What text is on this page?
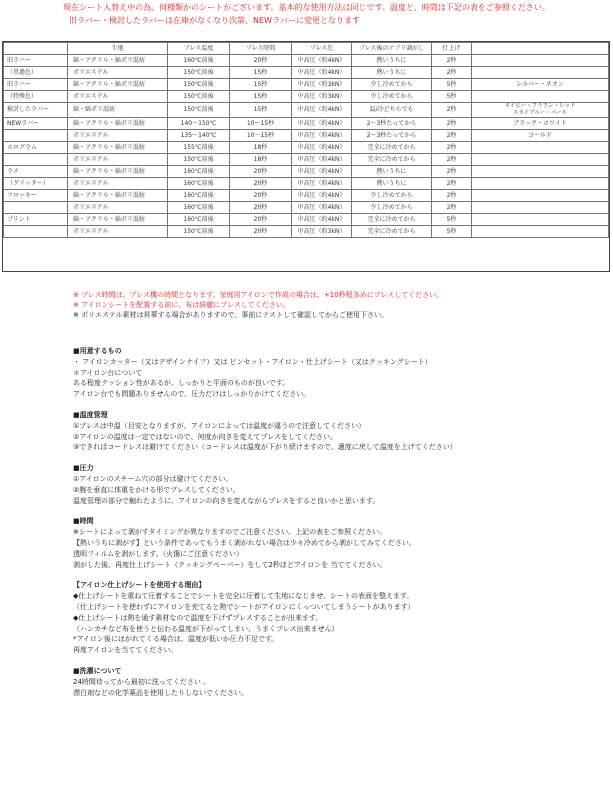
現在シート入替え中の為、何種類かのシートがございます。基本的な使用方法は同じです。温度と、時間は下記の表をご参照ください。
旧ラバー・検討したラバーは在庫がなくなり次第、NEWラバーに変更となります
	生地	プレス温度	プレス時間	プレス圧	プレス後のアプリ剥がし	仕上げ	
旧ラバー	綿・アクリル・綿ポリ混紡	160℃前後	20秒	中高圧（約4kN）	熱いうちに	2秒	
（黒過色）	ポリエステル	150℃前後	15秒	中高圧（約4kN）	熱いうちに	2秒	
旧ラバー	綿・アクリル・綿ポリ混紡	150℃前後	15秒	中高圧（約3kN）	少し冷めてから	5秒	シルバー・ネオン
（特殊色）	ポリエステル	150℃前後	15秒	中高圧（約3kN）	少し冷めてから	5秒	
検討したラバー	綿・綿ポリ混紡	150℃前後	15秒	中高圧（約4kN）	温/冷どちらでも	2秒	ネイビー・ブラウン・レッド
スカイブルー・パール
NEWラバー	綿・アクリル・綿ポリ混紡	140〜150℃	10〜15秒	中高圧（約4kN）	2〜3秒たってから	2秒	ブラック・ホワイト
	ポリエステル	135〜140℃	10〜15秒	中高圧（約4kN）	2〜3秒たってから	2秒	ゴールド
ホログラム	綿・アクリル・綿ポリ混紡	155℃前後	18秒	中高圧（約4kN）	完全に冷めてから	2秒	
	ポリエステル	150℃前後	18秒	中高圧（約4kN）	完全に冷めてから	2秒	
ラメ	綿・アクリル・綿ポリ混紡	160℃前後	20秒	中高圧（約4kN）	熱いうちに	2秒	
（グリッター）	ポリエステル	160℃前後	20秒	中高圧（約4kN）	熱いうちに	2秒	
フロッキー	綿・アクリル・綿ポリ混紡	160℃前後	20秒	中高圧（約4kN）	少し冷めてから	2秒	
	ポリエステル	160℃前後	20秒	中高圧（約4kN）	少し冷めてから	2秒	
プリント	綿・アクリル・綿ポリ混紡	160℃前後	20秒	中高圧（約4kN）	完全に冷めてから	5秒	
	ポリエステル	150℃前後	20秒	中高圧（約3kN）	完全に冷めてから	5秒	
※ プレス時間は、プレス機の時間となります。家庭用アイロンで作成の場合は、+10秒程多めにプレスしてください。
※ アイロンシートを配置する前に、布は綺麗にプレスしてください。
※ ポリエステル素材は昇華する場合がありますので、事前にテストして確認してからご使用下さい。
■用意するもの
・ アイロンカッター（又はデザインナイフ）又は ピンセット・アイロン・仕上げシート（又はクッキングシート）
＊アイロン台について
ある程度クッション性があるが、しっかりと平面のものが良いです。
アイロン台でも問題ありませんので、圧力だけはしっかりかけてください。
■温度管理
①プレスは中温（目安となりますが、アイロンによっては温度が違うので注意してください）
②アイロンの温度は一定ではないので、何度か向きを変えてプレスをしてください。
③できればコードレスは避けてください（コードレスは温度が下がり続けますので、適度に戻して温度を上げてください）
■圧力
①アイロンのスチーム穴の部分は避けてください。
②腕を垂直に体重をかける形でプレスしてください。
温度管理の部分で触れたように、アイロンの向きを変えながらプレスをすると良いかと思います。
■時間
※シートによって剥がすタイミングが異なりますのでご注意ください。上記の表をご参照ください。
【熱いうちに剥がす】という条件であってもうまく剥がれない場合は少々冷めてから剥がしてみてください。
透明フィルムを剥がします。（火傷にご注意ください）
剥がした後、再度仕上げシート（クッキングペーパー）をして2秒ほどアイロンを 当ててください。
【アイロン仕上げシートを使用する理由】
◆仕上げシートを重ねて圧着することでシートを完全に圧着して生地になじませ、シートの表面を整えます。
（仕上げシートを使わずにアイロンを充てると熱でシートがアイロンにくっついてしまうシートがあります）
◆仕上げシートは熱を通す素材なので温度を下げずプレスすることが出来ます。
（ハンカチなど布を使うと伝わる温度が下がってしまい、うまくプレス出来ません）
*アイロン後にはがれてくる場合は、温度が低いか圧力不足です。
再度アイロンを当ててください。
■洗濯について
24時間待ってから最初に洗ってください 。
漂白剤などの化学薬品を使用したりしないでください。
